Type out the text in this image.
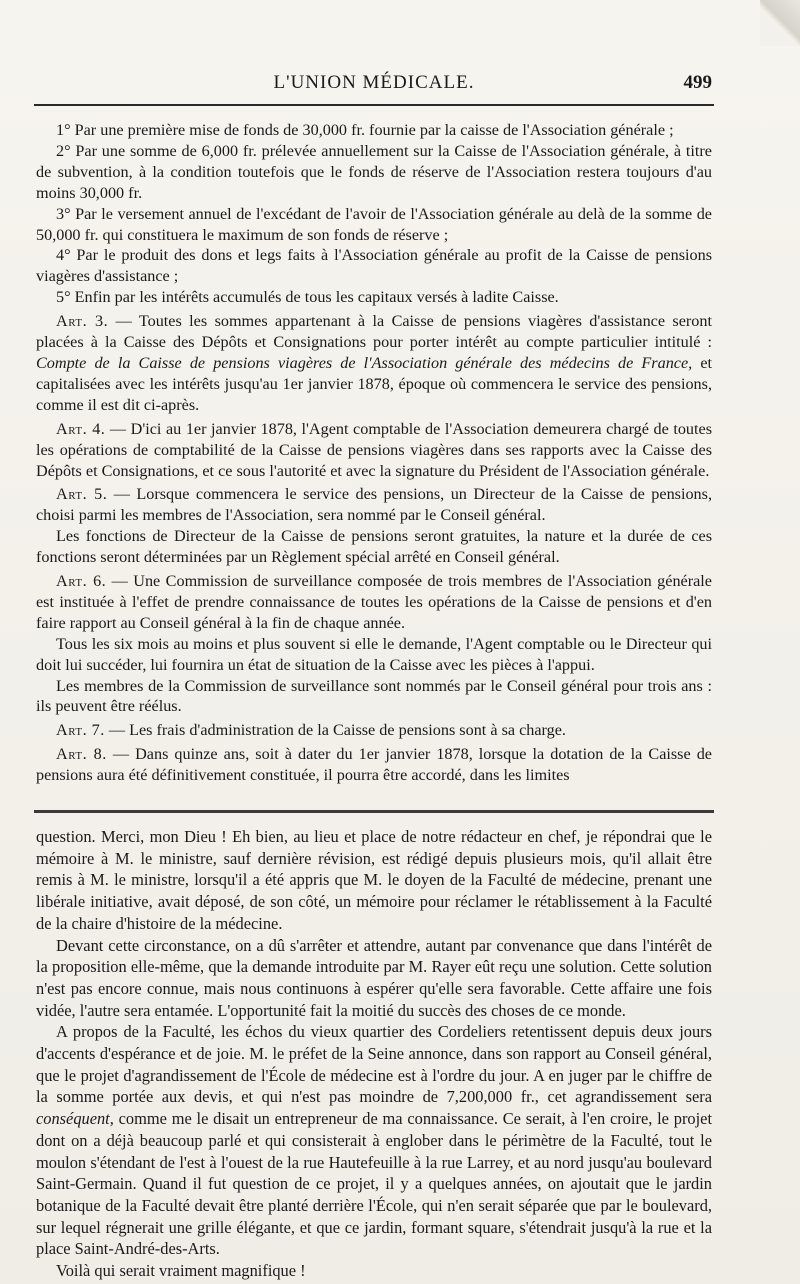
L'UNION MÉDICALE.	499

1° Par une première mise de fonds de 30,000 fr. fournie par la caisse de l'Association générale ;

2° Par une somme de 6,000 fr. prélevée annuellement sur la Caisse de l'Association générale, à titre de subvention, à la condition toutefois que le fonds de réserve de l'Association restera toujours d'au moins 30,000 fr.

3° Par le versement annuel de l'excédant de l'avoir de l'Association générale au delà de la somme de 50,000 fr. qui constituera le maximum de son fonds de réserve ;

4° Par le produit des dons et legs faits à l'Association générale au profit de la Caisse de pensions viagères d'assistance ;

5° Enfin par les intérêts accumulés de tous les capitaux versés à ladite Caisse.

Art. 3. — Toutes les sommes appartenant à la Caisse de pensions viagères d'assistance seront placées à la Caisse des Dépôts et Consignations pour porter intérêt au compte particulier intitulé : Compte de la Caisse de pensions viagères de l'Association générale des médecins de France, et capitalisées avec les intérêts jusqu'au 1er janvier 1878, époque où commencera le service des pensions, comme il est dit ci-après.

Art. 4. — D'ici au 1er janvier 1878, l'Agent comptable de l'Association demeurera chargé de toutes les opérations de comptabilité de la Caisse de pensions viagères dans ses rapports avec la Caisse des Dépôts et Consignations, et ce sous l'autorité et avec la signature du Président de l'Association générale.

Art. 5. — Lorsque commencera le service des pensions, un Directeur de la Caisse de pensions, choisi parmi les membres de l'Association, sera nommé par le Conseil général.

Les fonctions de Directeur de la Caisse de pensions seront gratuites, la nature et la durée de ces fonctions seront déterminées par un Règlement spécial arrêté en Conseil général.

Art. 6. — Une Commission de surveillance composée de trois membres de l'Association générale est instituée à l'effet de prendre connaissance de toutes les opérations de la Caisse de pensions et d'en faire rapport au Conseil général à la fin de chaque année.

Tous les six mois au moins et plus souvent si elle le demande, l'Agent comptable ou le Directeur qui doit lui succéder, lui fournira un état de situation de la Caisse avec les pièces à l'appui.

Les membres de la Commission de surveillance sont nommés par le Conseil général pour trois ans : ils peuvent être réélus.

Art. 7. — Les frais d'administration de la Caisse de pensions sont à sa charge.

Art. 8. — Dans quinze ans, soit à dater du 1er janvier 1878, lorsque la dotation de la Caisse de pensions aura été définitivement constituée, il pourra être accordé, dans les limites

question. Merci, mon Dieu ! Eh bien, au lieu et place de notre rédacteur en chef, je répondrai que le mémoire à M. le ministre, sauf dernière révision, est rédigé depuis plusieurs mois, qu'il allait être remis à M. le ministre, lorsqu'il a été appris que M. le doyen de la Faculté de médecine, prenant une libérale initiative, avait déposé, de son côté, un mémoire pour réclamer le rétablissement à la Faculté de la chaire d'histoire de la médecine.

Devant cette circonstance, on a dû s'arrêter et attendre, autant par convenance que dans l'intérêt de la proposition elle-même, que la demande introduite par M. Rayer eût reçu une solution. Cette solution n'est pas encore connue, mais nous continuons à espérer qu'elle sera favorable. Cette affaire une fois vidée, l'autre sera entamée. L'opportunité fait la moitié du succès des choses de ce monde.

A propos de la Faculté, les échos du vieux quartier des Cordeliers retentissent depuis deux jours d'accents d'espérance et de joie. M. le préfet de la Seine annonce, dans son rapport au Conseil général, que le projet d'agrandissement de l'École de médecine est à l'ordre du jour. A en juger par le chiffre de la somme portée aux devis, et qui n'est pas moindre de 7,200,000 fr., cet agrandissement sera conséquent, comme me le disait un entrepreneur de ma connaissance. Ce serait, à l'en croire, le projet dont on a déjà beaucoup parlé et qui consisterait à englober dans le périmètre de la Faculté, tout le moulon s'étendant de l'est à l'ouest de la rue Hautefeuille à la rue Larrey, et au nord jusqu'au boulevard Saint-Germain. Quand il fut question de ce projet, il y a quelques années, on ajoutait que le jardin botanique de la Faculté devait être planté derrière l'École, qui n'en serait séparée que par le boulevard, sur lequel régnerait une grille élégante, et que ce jardin, formant square, s'étendrait jusqu'à la rue et la place Saint-André-des-Arts.

Voilà qui serait vraiment magnifique !
